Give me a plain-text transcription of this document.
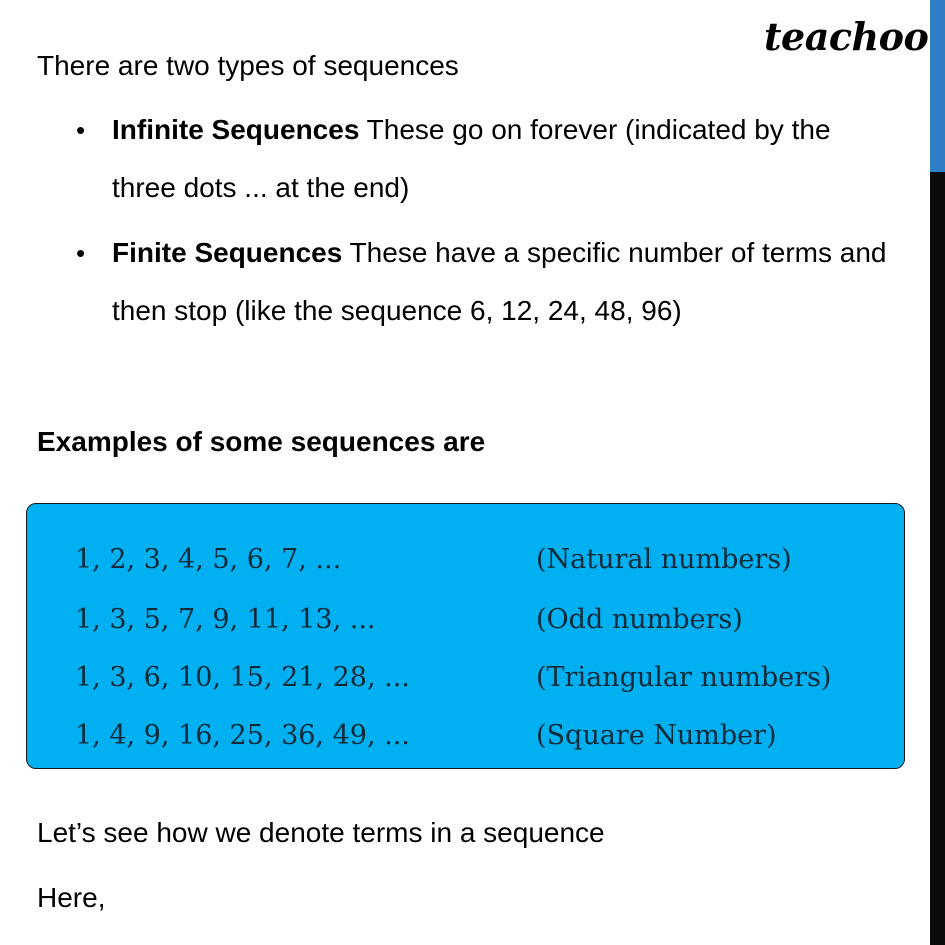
teachoo
There are two types of sequences
• Infinite Sequences These go on forever (indicated by the
three dots ... at the end)
• Finite Sequences These have a specific number of terms and
then stop (like the sequence 6, 12, 24, 48, 96)
Examples of some sequences are
1, 2, 3, 4, 5, 6, 7, ...	(Natural numbers)
1, 3, 5, 7, 9, 11, 13, ...	(Odd numbers)
1, 3, 6, 10, 15, 21, 28, ...	(Triangular numbers)
1, 4, 9, 16, 25, 36, 49, ...	(Square Number)
Let’s see how we denote terms in a sequence
Here,
